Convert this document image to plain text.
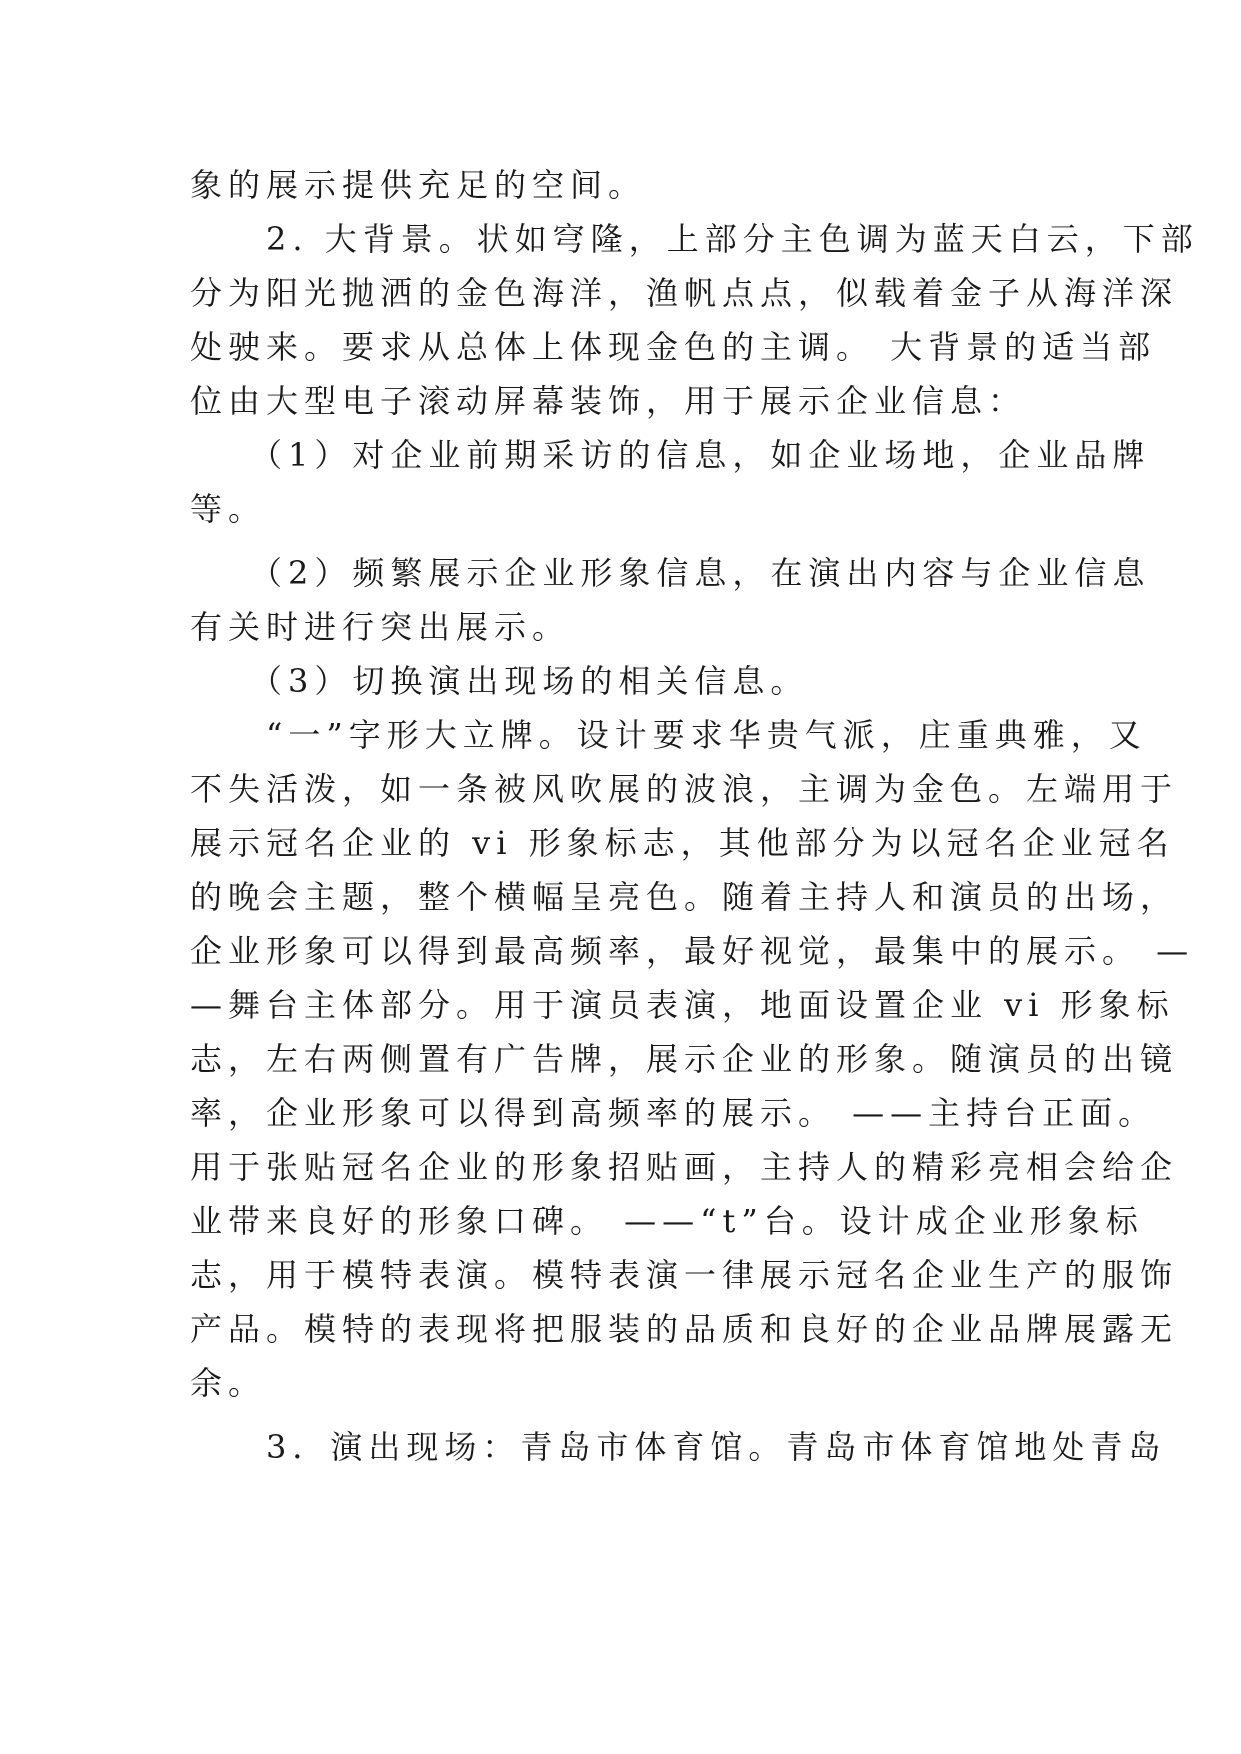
象的展示提供充足的空间。
　　2. 大背景。状如穹隆，上部分主色调为蓝天白云，下部
分为阳光抛洒的金色海洋，渔帆点点，似载着金子从海洋深
处驶来。要求从总体上体现金色的主调。 大背景的适当部
位由大型电子滚动屏幕装饰，用于展示企业信息：
　　（1）对企业前期采访的信息，如企业场地，企业品牌
等。
　　（2）频繁展示企业形象信息，在演出内容与企业信息
有关时进行突出展示。
　　（3）切换演出现场的相关信息。
　　“一”字形大立牌。设计要求华贵气派，庄重典雅，又
不失活泼，如一条被风吹展的波浪，主调为金色。左端用于
展示冠名企业的 vi 形象标志，其他部分为以冠名企业冠名
的晚会主题，整个横幅呈亮色。随着主持人和演员的出场，
企业形象可以得到最高频率，最好视觉，最集中的展示。 —
—舞台主体部分。用于演员表演，地面设置企业 vi 形象标
志，左右两侧置有广告牌，展示企业的形象。随演员的出镜
率，企业形象可以得到高频率的展示。 ——主持台正面。
用于张贴冠名企业的形象招贴画，主持人的精彩亮相会给企
业带来良好的形象口碑。 ——“t”台。设计成企业形象标
志，用于模特表演。模特表演一律展示冠名企业生产的服饰
产品。模特的表现将把服装的品质和良好的企业品牌展露无
余。
　　3．演出现场：青岛市体育馆。青岛市体育馆地处青岛
